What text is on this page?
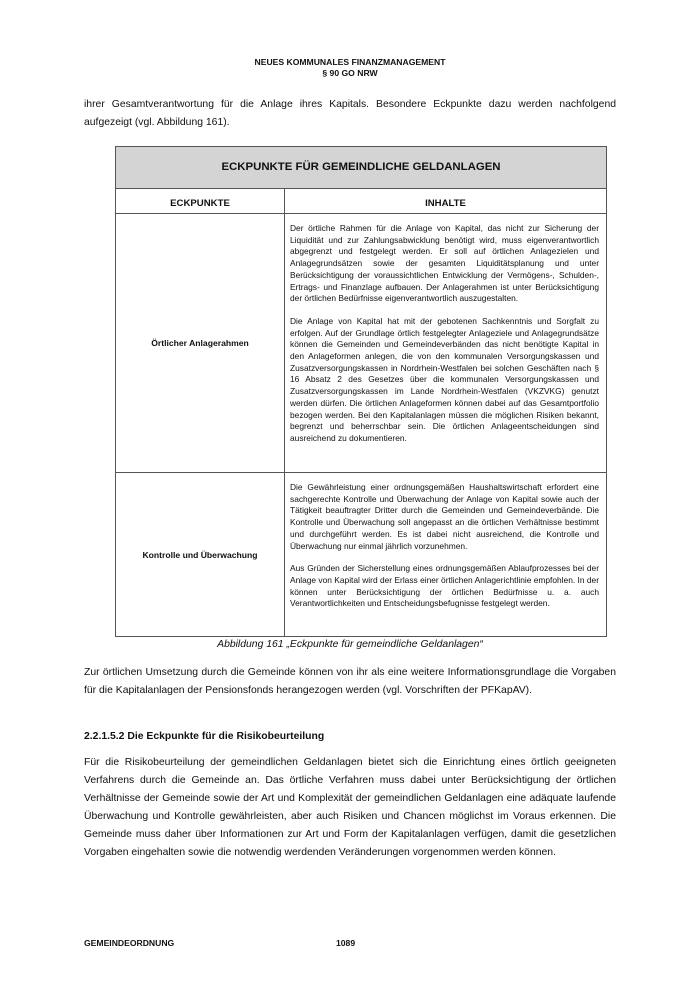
NEUES KOMMUNALES FINANZMANAGEMENT
§ 90 GO NRW
ihrer Gesamtverantwortung für die Anlage ihres Kapitals. Besondere Eckpunkte dazu werden nachfolgend aufgezeigt (vgl. Abbildung 161).
ECKPUNKTE FÜR GEMEINDLICHE GELDANLAGEN
ECKPUNKTE	INHALTE
Örtlicher Anlagerahmen

Der örtliche Rahmen für die Anlage von Kapital, das nicht zur Sicherung der Liquidität und zur Zahlungsabwicklung benötigt wird, muss eigenverantwortlich abgegrenzt und festgelegt werden. Er soll auf örtlichen Anlagezielen und Anlagegrundsätzen sowie der gesamten Liquiditätsplanung und unter Berücksichtigung der voraussichtlichen Entwicklung der Vermögens-, Schulden-, Ertrags- und Finanzlage aufbauen. Der Anlagerahmen ist unter Berücksichtigung der örtlichen Bedürfnisse eigenverantwortlich auszugestalten.

Die Anlage von Kapital hat mit der gebotenen Sachkenntnis und Sorgfalt zu erfolgen. Auf der Grundlage örtlich festgelegter Anlageziele und Anlagegrundsätze können die Gemeinden und Gemeindeverbänden das nicht benötigte Kapital in den Anlageformen anlegen, die von den kommunalen Versorgungskassen und Zusatzversorgungskassen in Nordrhein-Westfalen bei solchen Geschäften nach § 16 Absatz 2 des Gesetzes über die kommunalen Versorgungskassen und Zusatzversorgungskassen im Lande Nordrhein-Westfalen (VKZVKG) genutzt werden dürfen. Die örtlichen Anlageformen können dabei auf das Gesamtportfolio bezogen werden. Bei den Kapitalanlagen müssen die möglichen Risiken bekannt, begrenzt und beherrschbar sein. Die örtlichen Anlageentscheidungen sind ausreichend zu dokumentieren.

Kontrolle und Überwachung

Die Gewährleistung einer ordnungsgemäßen Haushaltswirtschaft erfordert eine sachgerechte Kontrolle und Überwachung der Anlage von Kapital sowie auch der Tätigkeit beauftragter Dritter durch die Gemeinden und Gemeindeverbände. Die Kontrolle und Überwachung soll angepasst an die örtlichen Verhältnisse bestimmt und durchgeführt werden. Es ist dabei nicht ausreichend, die Kontrolle und Überwachung nur einmal jährlich vorzunehmen.

Aus Gründen der Sicherstellung eines ordnungsgemäßen Ablaufprozesses bei der Anlage von Kapital wird der Erlass einer örtlichen Anlagerichtlinie empfohlen. In der können unter Berücksichtigung der örtlichen Bedürfnisse u. a. auch Verantwortlichkeiten und Entscheidungsbefugnisse festgelegt werden.

Abbildung 161 „Eckpunkte für gemeindliche Geldanlagen“

Zur örtlichen Umsetzung durch die Gemeinde können von ihr als eine weitere Informationsgrundlage die Vorgaben für die Kapitalanlagen der Pensionsfonds herangezogen werden (vgl. Vorschriften der PFKapAV).

2.2.1.5.2 Die Eckpunkte für die Risikobeurteilung

Für die Risikobeurteilung der gemeindlichen Geldanlagen bietet sich die Einrichtung eines örtlich geeigneten Verfahrens durch die Gemeinde an. Das örtliche Verfahren muss dabei unter Berücksichtigung der örtlichen Verhältnisse der Gemeinde sowie der Art und Komplexität der gemeindlichen Geldanlagen eine adäquate laufende Überwachung und Kontrolle gewährleisten, aber auch Risiken und Chancen möglichst im Voraus erkennen. Die Gemeinde muss daher über Informationen zur Art und Form der Kapitalanlagen verfügen, damit die gesetzlichen Vorgaben eingehalten sowie die notwendig werdenden Veränderungen vorgenommen werden können.

GEMEINDEORDNUNG	1089
